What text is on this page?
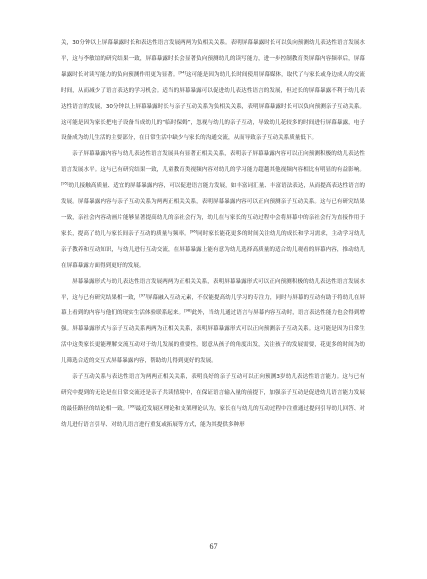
关，30分钟以上屏幕暴露时长和表达性语言发展两两为负相关关系。表明屏幕暴露时长可以负向预测幼儿表达性语言发展水平，这与李敏谊的研究结果一致，屏幕暴露时长会显著负向预测幼儿的读写能力，进一步控制教育类屏幕内容频率后，屏幕暴露时长对读写能力的负向预测作用更为显著。[94]这可能是因为幼儿长时间使用屏幕媒体，取代了与家长或身边成人的交流时间，从而减少了语言表达的学习机会。适当的屏幕暴露可以促进幼儿表达性语言的发展，但过长的屏幕暴露不利于幼儿表达性语言的发展，30分钟以上屏幕暴露时长与亲子互动关系为负相关关系，表明屏幕暴露时长可以负向预测亲子互动关系。这可能是因为家长把电子设备当成幼儿的“临时保姆”，忽视与幼儿的亲子互动，导致幼儿花较多的时间进行屏幕暴露，电子设备成为幼儿生活的主要部分，在日常生活中缺少与家长的沟通交流，从而导致亲子互动关系质量低下。

亲子屏幕暴露内容与幼儿表达性语言发展具有显著正相关关系，表明亲子屏幕暴露内容可以正向预测积极的幼儿表达性语言发展水平。这与已有研究结果一致，儿童教育类视频内容对幼儿的学习能力超越其他视频内容相比有明显的有益影响。[95]幼儿接触高质量、适宜的屏幕暴露内容，可以促进语言能力发展，如丰富词汇量、丰富语法表达，从而提高表达性语言的发展。屏幕暴露内容与亲子互动关系为两两正相关关系，表明屏幕暴露内容可以正向预测亲子互动关系。这与已有研究结果一致，亲社会内容动画片能够显著提高幼儿的亲社会行为，幼儿在与家长的互动过程中会将屏幕中的亲社会行为直接作用于家长，提高了幼儿与家长间亲子互动的质量与频率。[96]同时家长能花更多的时间关注幼儿的成长和学习需求，主动学习幼儿亲子教养和互动知识，与幼儿进行互动交流，在屏幕暴露上能有意为幼儿选择高质量的适合幼儿观看的屏幕内容，推动幼儿在屏幕暴露方面得到更好的发展。

屏幕暴露形式与幼儿表达性语言发展两两为正相关关系，表明屏幕暴露形式可以正向预测积极的幼儿表达性语言发展水平，这与已有研究结果相一致，[97]屏幕融入互动元素，不仅能提高幼儿学习的专注力，同时与屏幕的互动有助于将幼儿在屏幕上看到的内容与他们的现实生活体验联系起来。[98]此外，当幼儿通过语言与屏幕内容互动时，语言表达性能力也会得到增强。屏幕暴露形式与亲子互动关系两两为正相关关系，表明屏幕暴露形式可以正向预测亲子互动关系。这可能是因为日常生活中这类家长更能理解交流互动对于幼儿发展的重要性，愿意从孩子的角度出发，关注孩子的发展需要，花更多的时间为幼儿筛选合适的交互式屏幕暴露内容，帮助幼儿得到更好的发展。

亲子互动关系与表达性语言为两两正相关关系，表明良好的亲子互动可以正向预测3岁幼儿表达性语言能力。这与已有研究中提到的无论是在日常交流还是亲子共读情境中，在保证语言输入量的前提下，加强亲子互动是促进幼儿语言能力发展的最佳路径的结论相一致。[99]最近发展区理论和支架理论认为，家长在与幼儿的互动过程中注重通过提问引导幼儿回答、对幼儿进行语言引导、对幼儿语言进行重复或拓展等方式，能为其提供多种形

67
